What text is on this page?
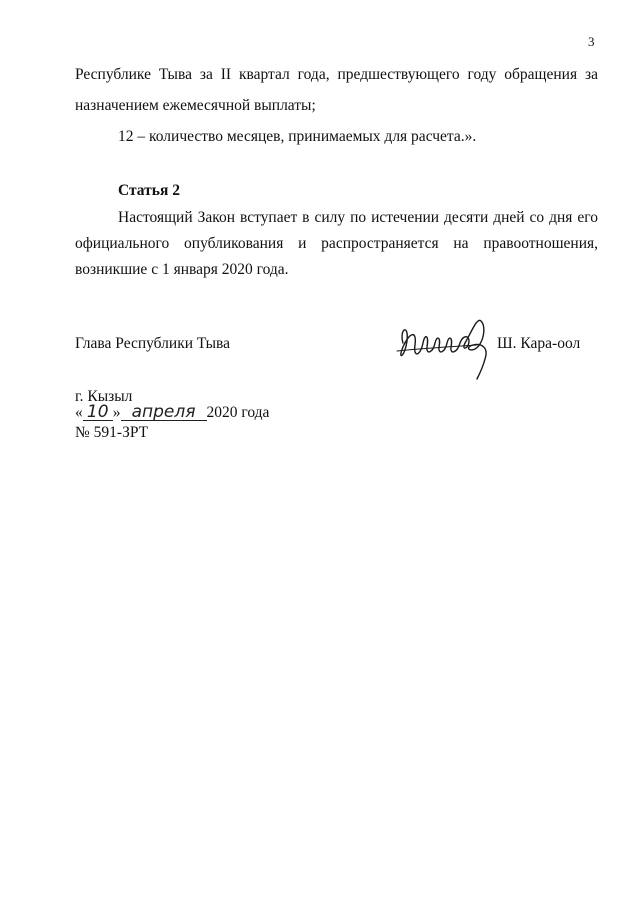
3
Республике Тыва за II квартал года, предшествующего году обращения за
назначением ежемесячной выплаты;
12 – количество месяцев, принимаемых для расчета.».
Статья 2
Настоящий Закон вступает в силу по истечении десяти дней со дня его
официального опубликования и распространяется на правоотношения,
возникшие с 1 января 2020 года.
Глава Республики Тыва	Ш. Кара-оол
г. Кызыл
« 10 » апреля 2020 года
№ 591-ЗРТ
